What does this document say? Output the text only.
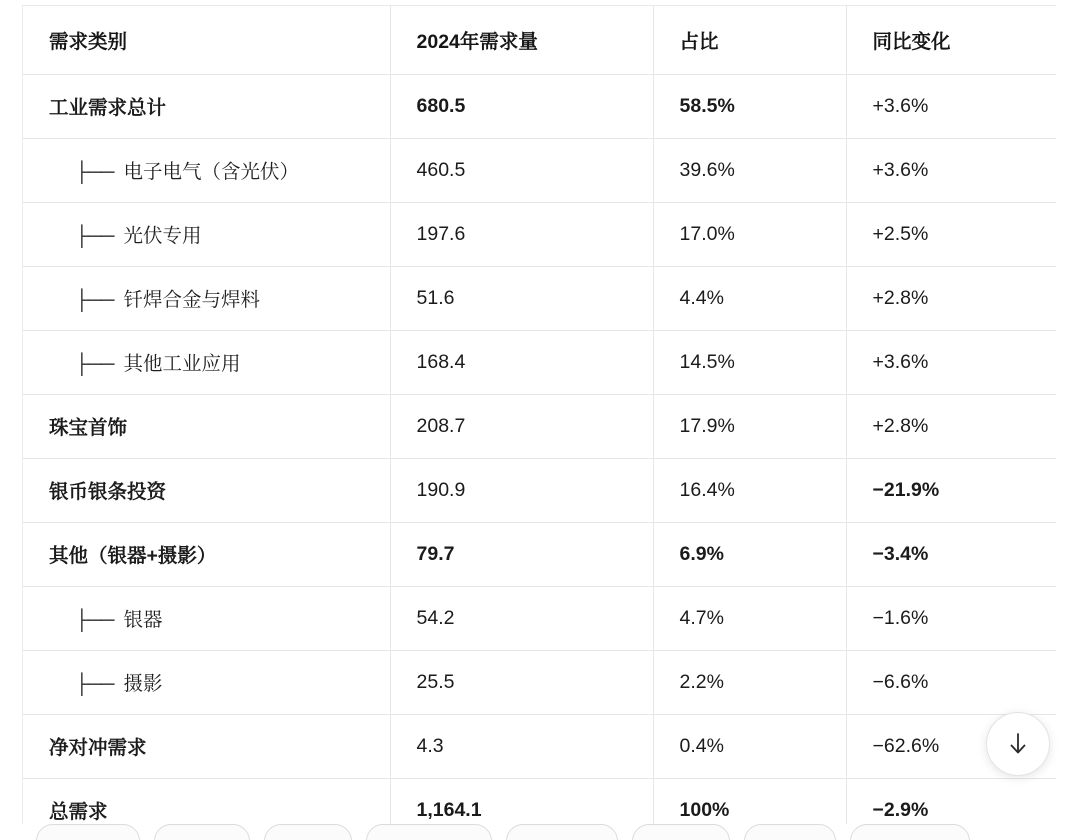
需求类别	2024年需求量	占比	同比变化
工业需求总计	680.5	58.5%	+3.6%
├── 电子电气（含光伏）	460.5	39.6%	+3.6%
├── 光伏专用	197.6	17.0%	+2.5%
├── 钎焊合金与焊料	51.6	4.4%	+2.8%
├── 其他工业应用	168.4	14.5%	+3.6%
珠宝首饰	208.7	17.9%	+2.8%
银币银条投资	190.9	16.4%	−21.9%
其他（银器+摄影）	79.7	6.9%	−3.4%
├── 银器	54.2	4.7%	−1.6%
├── 摄影	25.5	2.2%	−6.6%
净对冲需求	4.3	0.4%	−62.6%
总需求	1,164.1	100%	−2.9%
